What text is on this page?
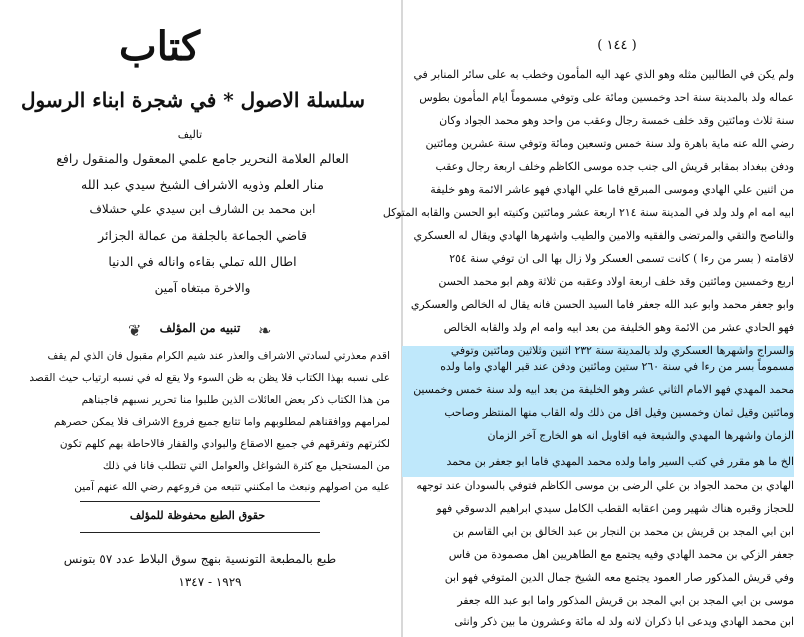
كتاب
سلسلة الاصول * في شجرة ابناء الرسول
تاليف
العالم العلامة النحرير جامع علمي المعقول والمنقول رافع
منار العلم وذويه الاشراف الشيخ سيدي عبد الله
ابن محمد بن الشارف ابن سيدي علي حشلاف
قاضي الجماعة بالجلفة من عمالة الجزائر
اطال الله تملي بقاءه واناله في الدنيا
والاخرة مبتغاه آمين
❦	تنبيه من المؤلف	❧
اقدم معذرتي لسادتي الاشراف والعذر عند شيم الكرام مقبول فان الذي لم يقف
على نسبه بهذا الكتاب فلا يظن به ظن السوء ولا يقع له في نسبه ارتياب حيث القصد
من هذا الكتاب ذكر بعض العائلات الذين طلبوا منا تحرير نسبهم فاجبناهم
لمرامهم ووافقناهم لمطلوبهم واما تتابع جميع فروع الاشراف فلا يمكن حصرهم
لكثرتهم وتفرقهم في جميع الاصقاع والبوادي والقفار فالاحاطة بهم كلهم تكون
من المستحيل مع كثرة الشواغل والعوامل التي تتطلب فانا في ذلك
عليه من اصولهم ونبعث ما امكنني تتبعه من فروعهم رضي الله عنهم آمين
حقوق الطبع محفوظة للمؤلف
طبع بالمطبعة التونسية بنهج سوق البلاط عدد ٥٧ بتونس
١٩٢٩ - ١٣٤٧
( ١٤٤ )
ولم يكن في الطالبين مثله وهو الذي عهد اليه المأمون وخطب به على سائر المنابر في
عماله ولد بالمدينة سنة احد وخمسين ومائة على وتوفي مسموماً ايام المأمون بطوس
سنة ثلاث ومائتين وقد خلف خمسة رجال وعقب من واحد وهو محمد الجواد وكان
رضي الله عنه ماية باهرة ولد سنة خمس وتسعين ومائة وتوفي سنة عشرين ومائتين
ودفن ببغداد بمقابر قريش الى جنب جده موسى الكاظم وخلف اربعة رجال وعقب
من اثنين علي الهادي وموسى المبرقع فاما علي الهادي فهو عاشر الائمة وهو خليفة
ابيه امه ام ولد ولد في المدينة سنة ٢١٤ اربعة عشر ومائتين وكنيته ابو الحسن والقابه المتوكل
والناصح والتقي والمرتضى والفقيه والامين والطيب واشهرها الهادي ويقال له العسكري
لاقامته ( بسر من رءا ) كانت تسمى العسكر ولا زال بها الى ان توفي سنة ٢٥٤
اربع وخمسين ومائتين وقد خلف اربعة اولاد وعقبه من ثلاثة وهم ابو محمد الحسن
وابو جعفر محمد وابو عبد الله جعفر فاما السيد الحسن فانه يقال له الخالص والعسكري
فهو الحادي عشر من الائمة وهو الخليفة من بعد ابيه وامه ام ولد والقابه الخالص
والسراج واشهرها العسكري ولد بالمدينة سنة ٢٣٢ اثنين وثلاثين ومائتين وتوفي
مسموماً بسر من رءا في سنة ٢٦٠ ستين ومائتين ودفن عند قبر الهادي واما ولده
محمد المهدي فهو الامام الثاني عشر وهو الخليفة من بعد ابيه ولد سنة خمس وخمسين
ومائتين وقيل ثمان وخمسين وقيل اقل من ذلك وله القاب منها المنتظر وصاحب
الزمان واشهرها المهدي والشيعة فيه اقاويل انه هو الخارج آخر الزمان
الخ ما هو مقرر في كتب السير واما ولده محمد المهدي فاما ابو جعفر بن محمد
الهادي بن محمد الجواد بن علي الرضى بن موسى الكاظم فتوفي بالسودان عند توجهه
للحجاز وقبره هناك شهير ومن اعقابه القطب الكامل سيدي ابراهيم الدسوقي فهو
ابن ابي المجد بن قريش بن محمد بن النجار بن عبد الخالق بن ابي القاسم بن
جعفر الزكي بن محمد الهادي وفيه يجتمع مع الطاهريين اهل مصمودة من فاس
وفي قريش المذكور صار العمود يجتمع معه الشيخ جمال الدين المتوفي فهو ابن
موسى بن ابي المجد بن ابي المجد بن قريش المذكور واما ابو عبد الله جعفر
ابن محمد الهادي ويدعى ابا ذكران لانه ولد له مائة وعشرون ما بين ذكر وانثى
